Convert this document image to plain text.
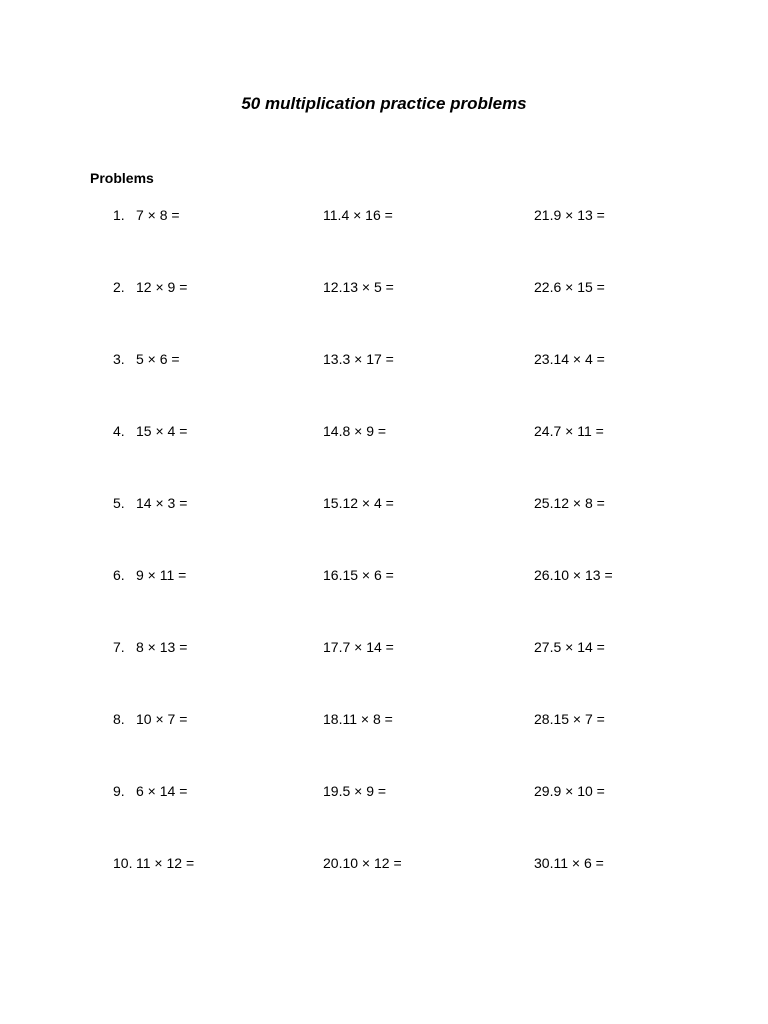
50 multiplication practice problems
Problems
1. 7 × 8 =
2. 12 × 9 =
3. 5 × 6 =
4. 15 × 4 =
5. 14 × 3 =
6. 9 × 11 =
7. 8 × 13 =
8. 10 × 7 =
9. 6 × 14 =
10. 11 × 12 =
11.4 × 16 =
12.13 × 5 =
13.3 × 17 =
14.8 × 9 =
15.12 × 4 =
16.15 × 6 =
17.7 × 14 =
18.11 × 8 =
19.5 × 9 =
20.10 × 12 =
21.9 × 13 =
22.6 × 15 =
23.14 × 4 =
24.7 × 11 =
25.12 × 8 =
26.10 × 13 =
27.5 × 14 =
28.15 × 7 =
29.9 × 10 =
30.11 × 6 =
